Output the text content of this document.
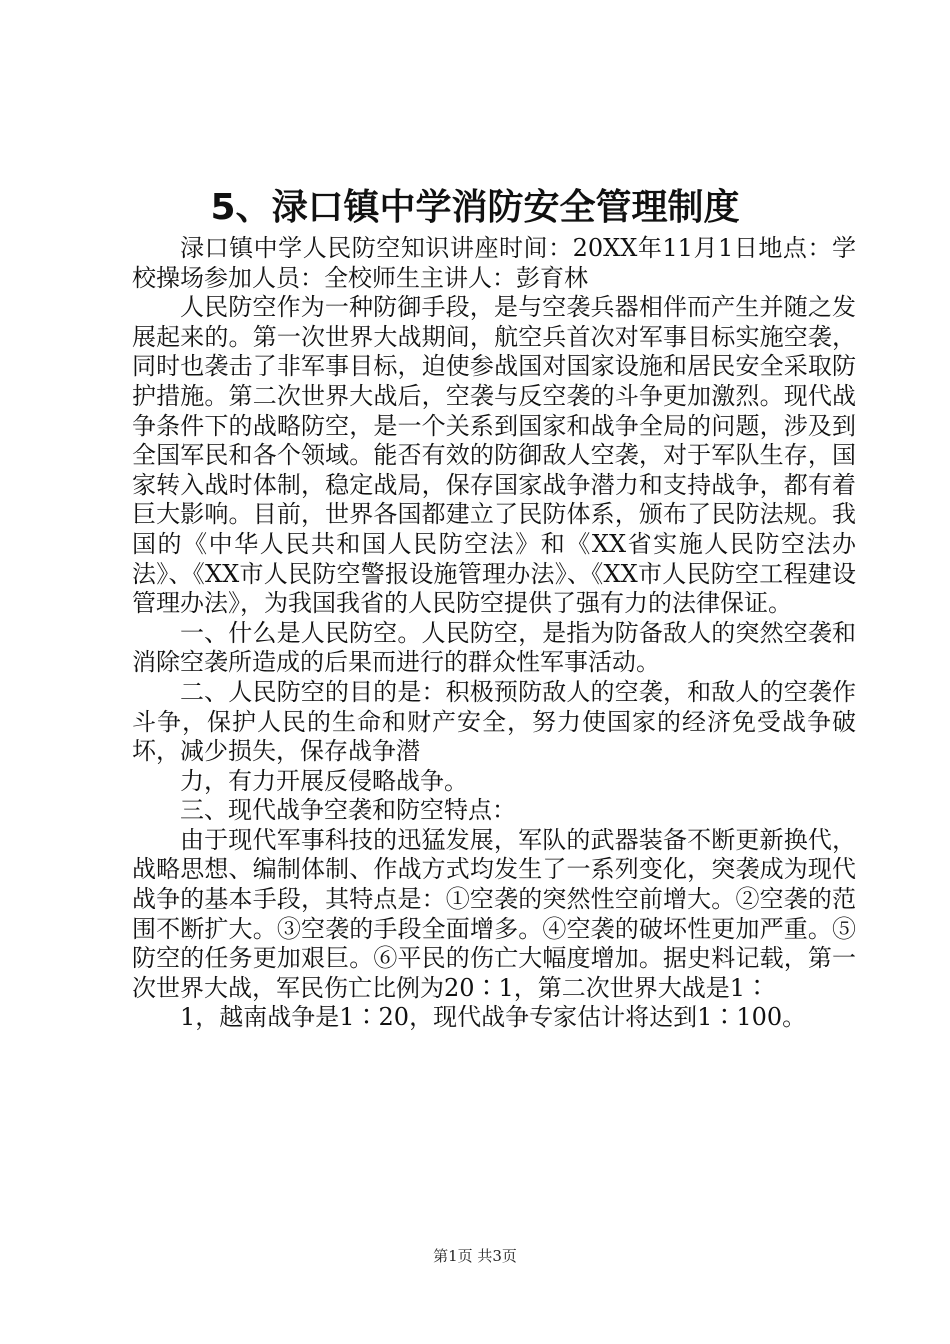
5、渌口镇中学消防安全管理制度

渌口镇中学人民防空知识讲座时间：20XX年11月1日地点：学校操场参加人员：全校师生主讲人：彭育林

人民防空作为一种防御手段，是与空袭兵器相伴而产生并随之发展起来的。第一次世界大战期间，航空兵首次对军事目标实施空袭，同时也袭击了非军事目标，迫使参战国对国家设施和居民安全采取防护措施。第二次世界大战后，空袭与反空袭的斗争更加激烈。现代战争条件下的战略防空，是一个关系到国家和战争全局的问题，涉及到全国军民和各个领域。能否有效的防御敌人空袭，对于军队生存，国家转入战时体制，稳定战局，保存国家战争潜力和支持战争，都有着巨大影响。目前，世界各国都建立了民防体系，颁布了民防法规。我国的《中华人民共和国人民防空法》和《XX省实施人民防空法办法》、《XX市人民防空警报设施管理办法》、《XX市人民防空工程建设管理办法》，为我国我省的人民防空提供了强有力的法律保证。

一、什么是人民防空。人民防空，是指为防备敌人的突然空袭和消除空袭所造成的后果而进行的群众性军事活动。

二、人民防空的目的是：积极预防敌人的空袭，和敌人的空袭作斗争，保护人民的生命和财产安全，努力使国家的经济免受战争破坏，减少损失，保存战争潜

力，有力开展反侵略战争。

三、现代战争空袭和防空特点：

由于现代军事科技的迅猛发展，军队的武器装备不断更新换代，战略思想、编制体制、作战方式均发生了一系列变化，突袭成为现代战争的基本手段，其特点是：①空袭的突然性空前增大。②空袭的范围不断扩大。③空袭的手段全面增多。④空袭的破坏性更加严重。⑤防空的任务更加艰巨。⑥平民的伤亡大幅度增加。据史料记载，第一次世界大战，军民伤亡比例为20∶1，第二次世界大战是1∶

1，越南战争是1∶20，现代战争专家估计将达到1∶100。

第1页 共3页
